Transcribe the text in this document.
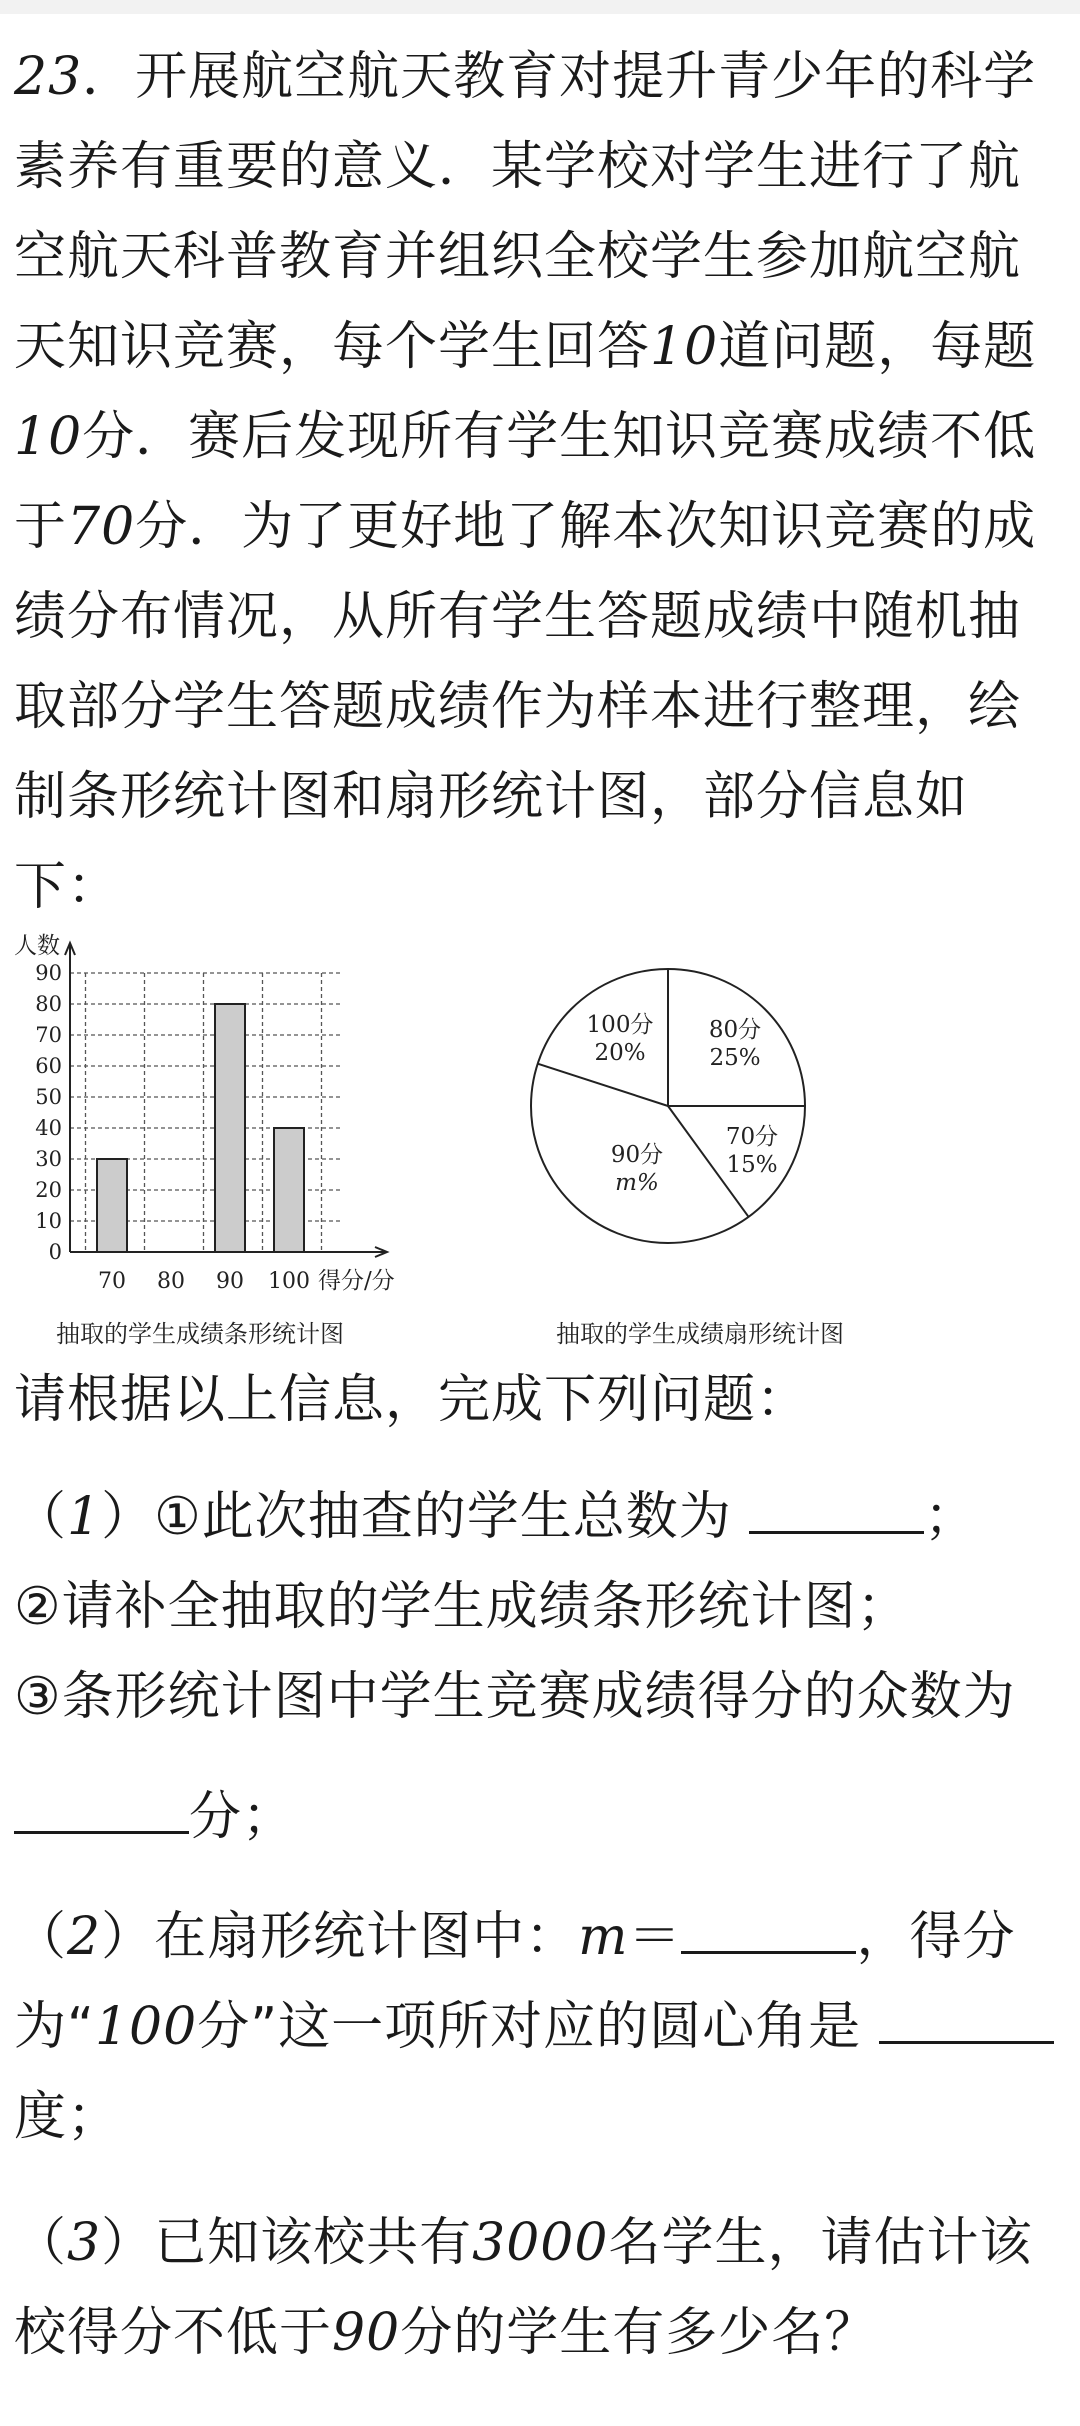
23．开展航空航天教育对提升青少年的科学素养有重要的意义．某学校对学生进行了航空航天科普教育并组织全校学生参加航空航天知识竞赛，每个学生回答10道问题，每题10分．赛后发现所有学生知识竞赛成绩不低于70分．为了更好地了解本次知识竞赛的成绩分布情况，从所有学生答题成绩中随机抽取部分学生答题成绩作为样本进行整理，绘制条形统计图和扇形统计图，部分信息如下：
0
10
20
30
40
50
60
70
80
90
人数
70 80 90 100 得分/分
抽取的学生成绩条形统计图
80分
25%
70分
15%
90分
m%
100分
20%
抽取的学生成绩扇形统计图
请根据以上信息，完成下列问题：
（1）①此次抽查的学生总数为	；
②请补全抽取的学生成绩条形统计图；
③条形统计图中学生竞赛成绩得分的众数为
分；
（2）在扇形统计图中：m＝	，得分为“100分”这一项所对应的圆心角是 度；
（3）已知该校共有3000名学生，请估计该校得分不低于90分的学生有多少名？
